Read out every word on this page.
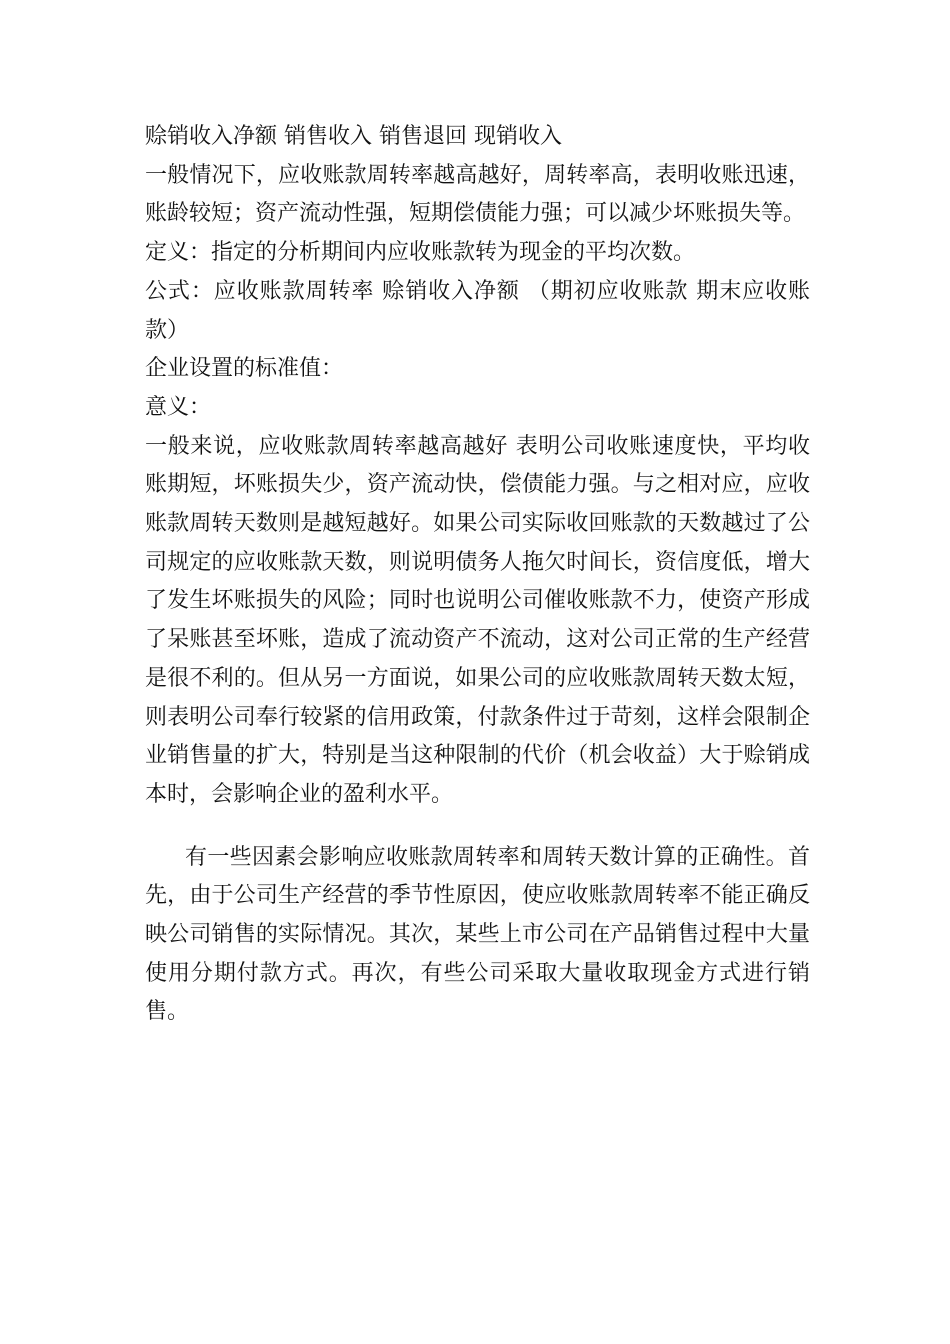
赊销收入净额 销售收入 销售退回 现销收入

一般情况下，应收账款周转率越高越好，周转率高，表明收账迅速，账龄较短；资产流动性强，短期偿债能力强；可以减少坏账损失等。

定义：指定的分析期间内应收账款转为现金的平均次数。

公式：应收账款周转率 赊销收入净额 （期初应收账款 期末应收账款）

企业设置的标准值：

意义：

一般来说，应收账款周转率越高越好 表明公司收账速度快，平均收账期短，坏账损失少，资产流动快，偿债能力强。与之相对应，应收账款周转天数则是越短越好。如果公司实际收回账款的天数越过了公司规定的应收账款天数，则说明债务人拖欠时间长，资信度低，增大了发生坏账损失的风险；同时也说明公司催收账款不力，使资产形成了呆账甚至坏账，造成了流动资产不流动，这对公司正常的生产经营是很不利的。但从另一方面说，如果公司的应收账款周转天数太短，则表明公司奉行较紧的信用政策，付款条件过于苛刻，这样会限制企业销售量的扩大，特别是当这种限制的代价（机会收益）大于赊销成本时，会影响企业的盈利水平。

有一些因素会影响应收账款周转率和周转天数计算的正确性。首先，由于公司生产经营的季节性原因，使应收账款周转率不能正确反映公司销售的实际情况。其次，某些上市公司在产品销售过程中大量使用分期付款方式。再次，有些公司采取大量收取现金方式进行销售。
